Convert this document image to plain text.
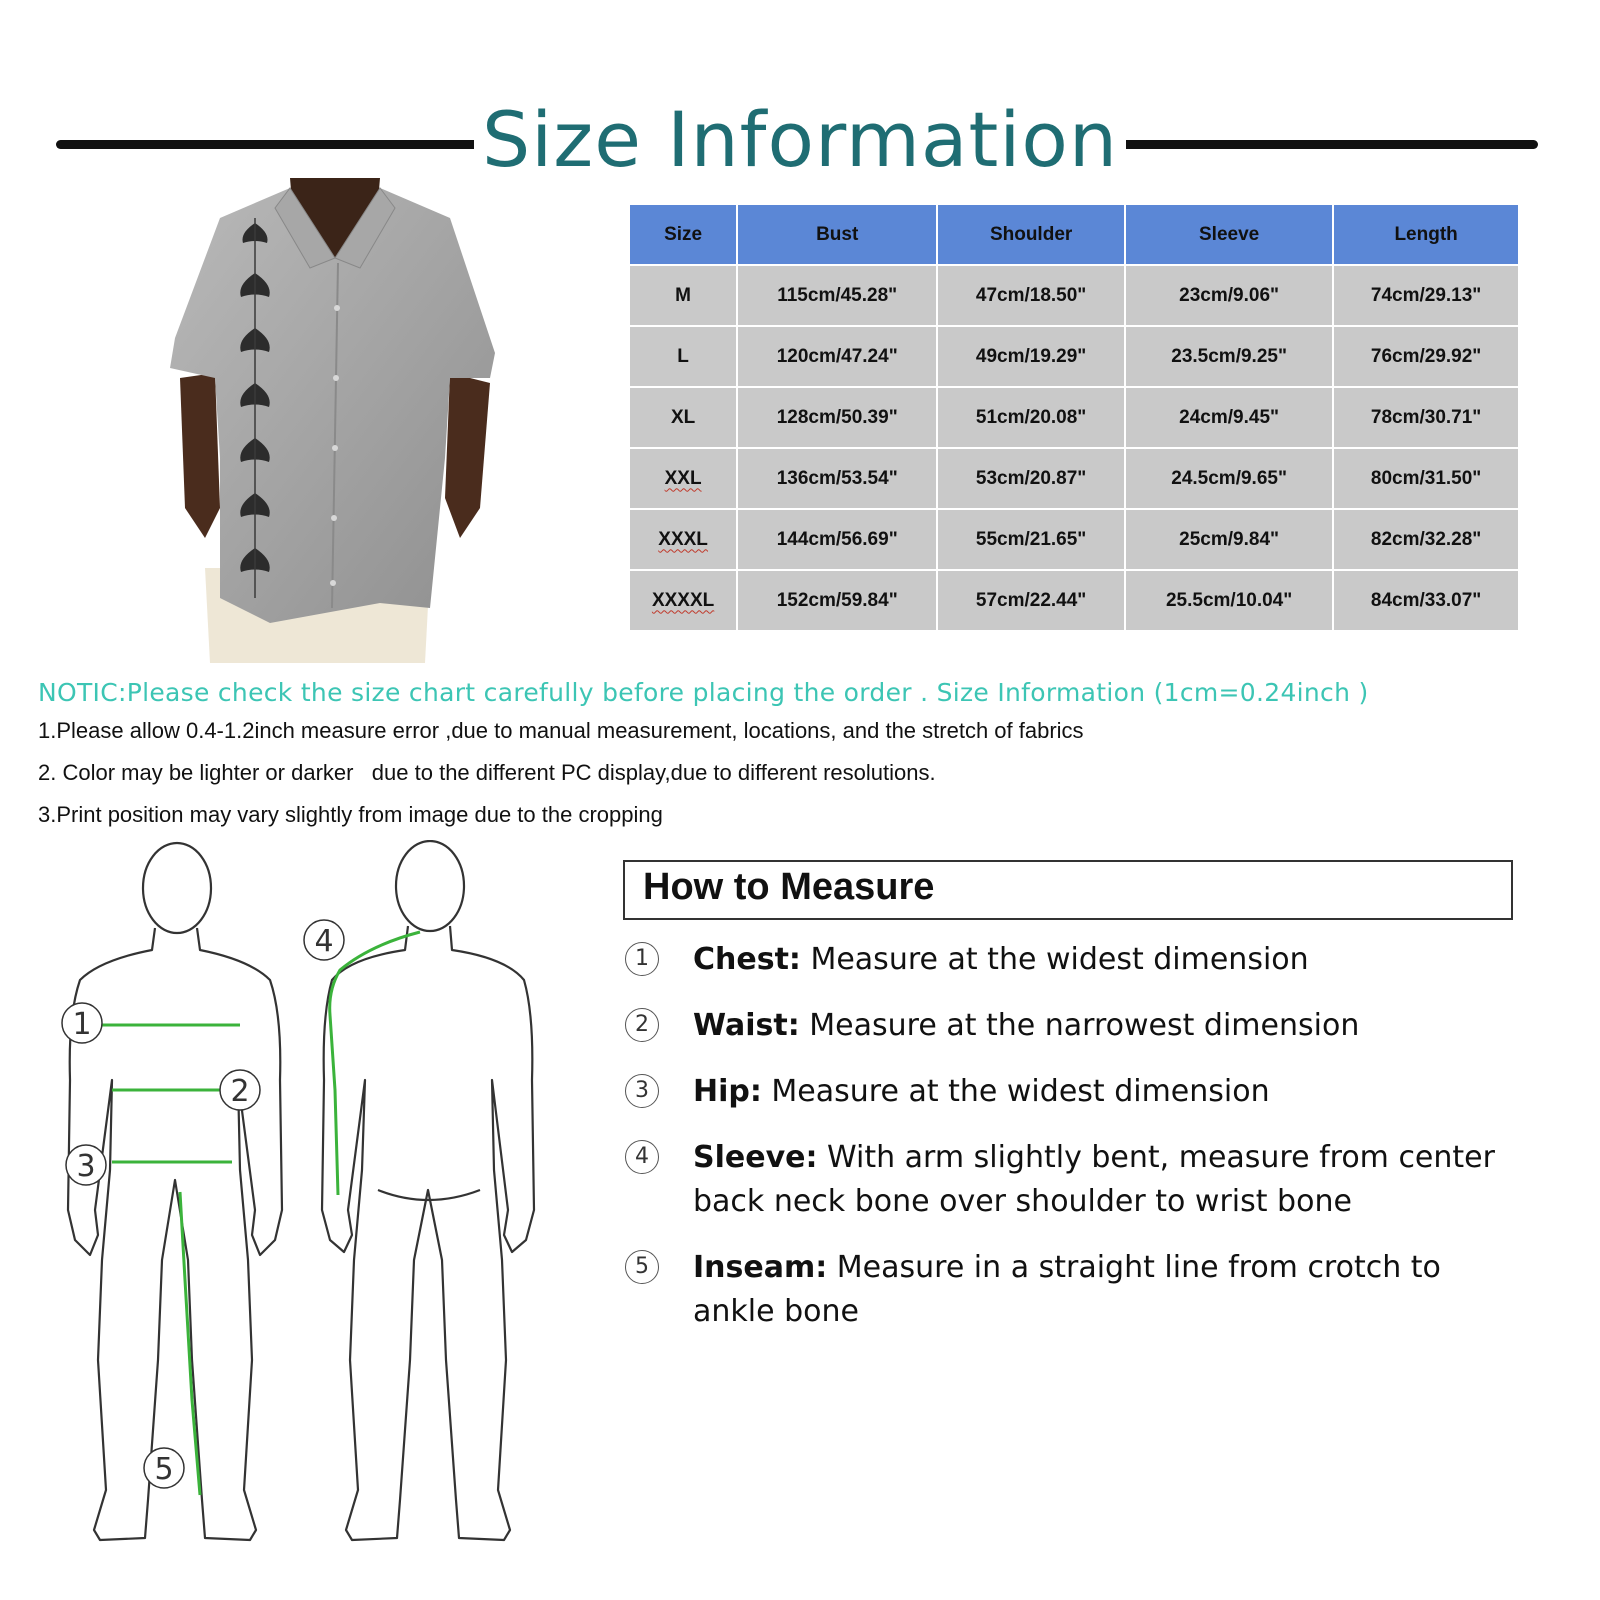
Size Information
Size	Bust	Shoulder	Sleeve	Length
M	115cm/45.28"	47cm/18.50"	23cm/9.06"	74cm/29.13"
L	120cm/47.24"	49cm/19.29"	23.5cm/9.25"	76cm/29.92"
XL	128cm/50.39"	51cm/20.08"	24cm/9.45"	78cm/30.71"
XXL	136cm/53.54"	53cm/20.87"	24.5cm/9.65"	80cm/31.50"
XXXL	144cm/56.69"	55cm/21.65"	25cm/9.84"	82cm/32.28"
XXXXL	152cm/59.84"	57cm/22.44"	25.5cm/10.04"	84cm/33.07"
NOTIC:Please check the size chart carefully before placing the order . Size Information (1cm=0.24inch )
1.Please allow 0.4-1.2inch measure error ,due to manual measurement, locations, and the stretch of fabrics
2. Color may be lighter or darker   due to the different PC display,due to different resolutions.
3.Print position may vary slightly from image due to the cropping
1
2
3
4
5
How to Measure
1	Chest: Measure at the widest dimension
2	Waist: Measure at the narrowest dimension
3	Hip: Measure at the widest dimension
4	Sleeve: With arm slightly bent, measure from center back neck bone over shoulder to wrist bone
5	Inseam: Measure in a straight line from crotch to ankle bone
